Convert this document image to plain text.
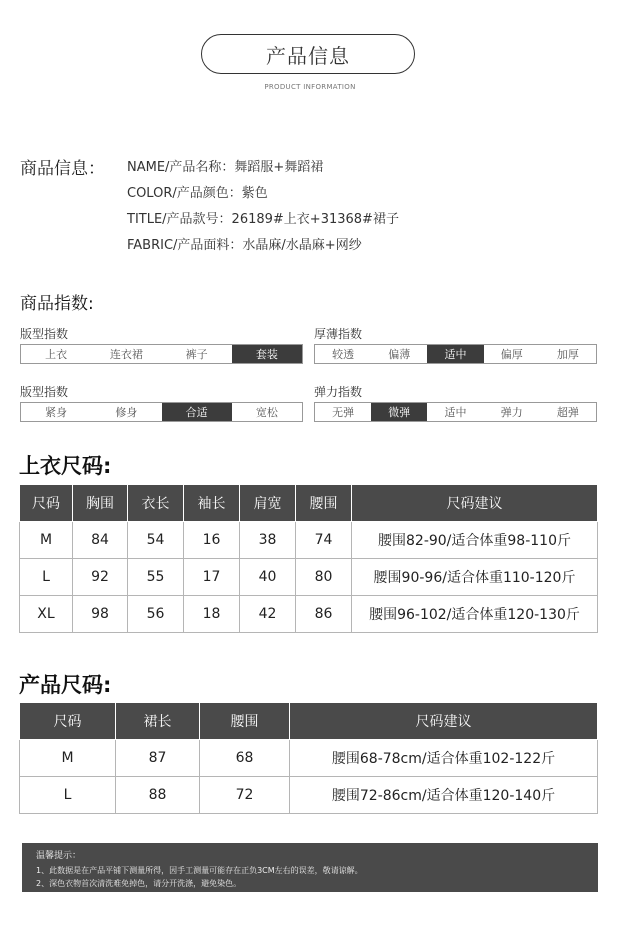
产品信息
PRODUCT INFORMATION
商品信息： NAME/产品名称：舞蹈服+舞蹈裙
COLOR/产品颜色：紫色
TITLE/产品款号：26189#上衣+31368#裙子
FABRIC/产品面料：水晶麻/水晶麻+网纱
商品指数:
版型指数
上衣	连衣裙	裤子	套装
厚薄指数
较透	偏薄	适中	偏厚	加厚
版型指数
紧身	修身	合适	宽松
弹力指数
无弹	微弹	适中	弹力	超弹
上衣尺码:
尺码	胸围	衣长	袖长	肩宽	腰围	尺码建议
M	84	54	16	38	74	腰围82-90/适合体重98-110斤
L	92	55	17	40	80	腰围90-96/适合体重110-120斤
XL	98	56	18	42	86	腰围96-102/适合体重120-130斤
产品尺码:
尺码	裙长	腰围	尺码建议
M	87	68	腰围68-78cm/适合体重102-122斤
L	88	72	腰围72-86cm/适合体重120-140斤
温馨提示：
1、此数据是在产品平铺下测量所得，因手工测量可能存在正负3CM左右的误差，敬请谅解。
2、深色衣物首次清洗难免掉色，请分开洗涤，避免染色。
